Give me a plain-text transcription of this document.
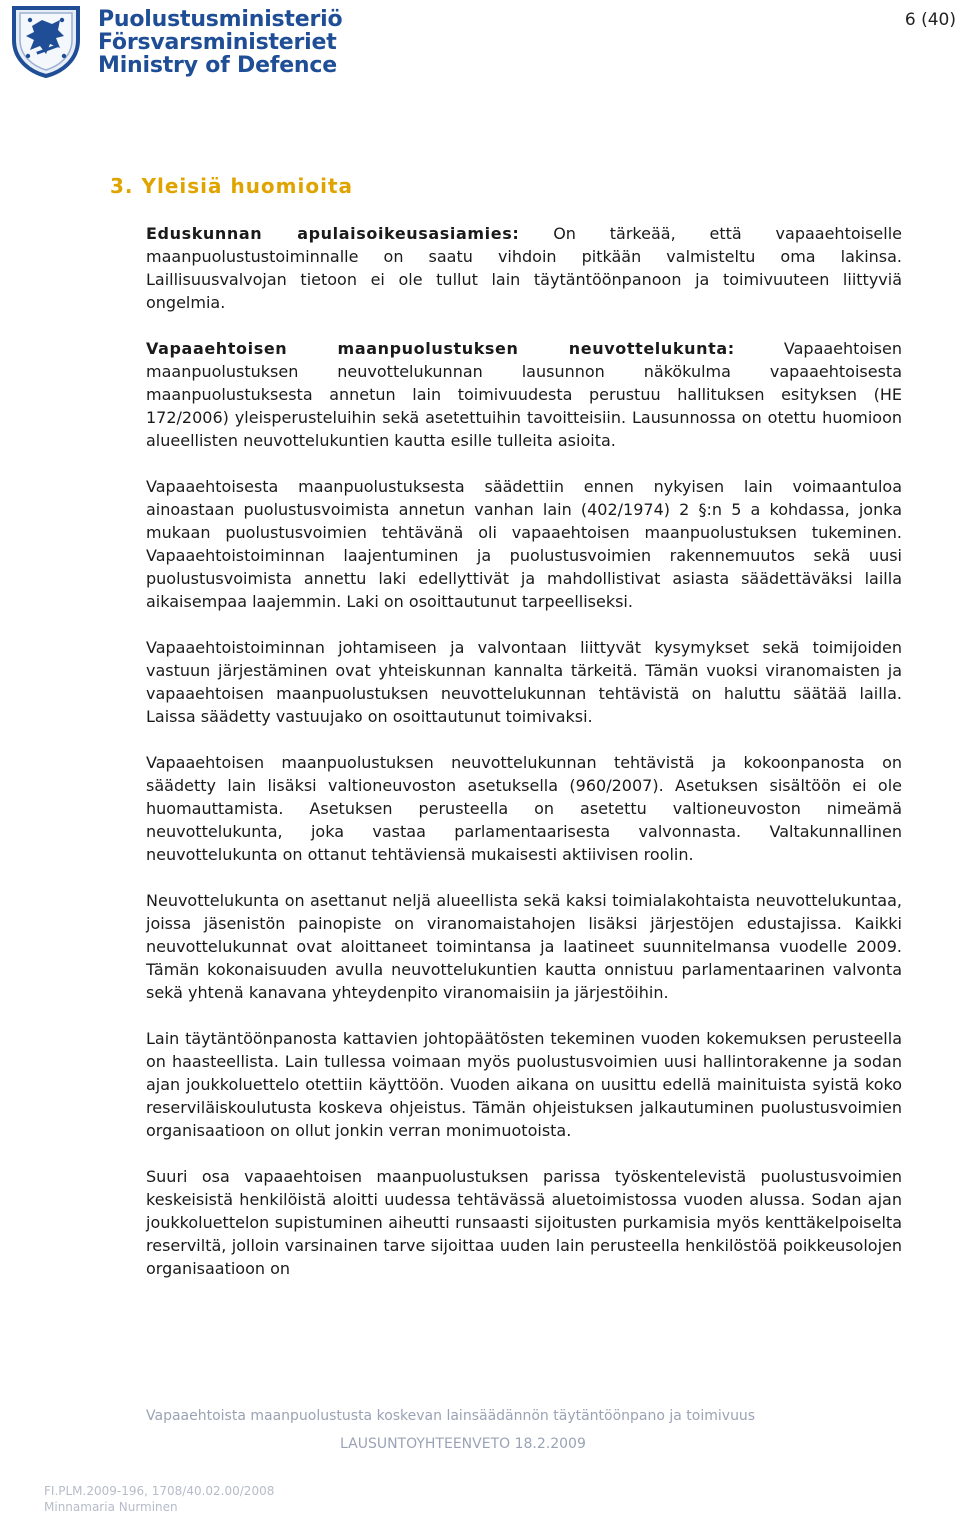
Puolustusministeriö
Försvarsministeriet
Ministry of Defence
6 (40)
3. Yleisiä huomioita

Eduskunnan apulaisoikeusasiamies: On tärkeää, että vapaaehtoiselle maanpuolustustoiminnalle on saatu vihdoin pitkään valmisteltu oma lakinsa. Laillisuusvalvojan tietoon ei ole tullut lain täytäntöönpanoon ja toimivuuteen liittyviä ongelmia.

Vapaaehtoisen maanpuolustuksen neuvottelukunta: Vapaaehtoisen maanpuolustuksen neuvottelukunnan lausunnon näkökulma vapaaehtoisesta maanpuolustuksesta annetun lain toimivuudesta perustuu hallituksen esityksen (HE 172/2006) yleisperusteluihin sekä asetettuihin tavoitteisiin. Lausunnossa on otettu huomioon alueellisten neuvottelukuntien kautta esille tulleita asioita.

Vapaaehtoisesta maanpuolustuksesta säädettiin ennen nykyisen lain voimaantuloa ainoastaan puolustusvoimista annetun vanhan lain (402/1974) 2 §:n 5 a kohdassa, jonka mukaan puolustusvoimien tehtävänä oli vapaaehtoisen maanpuolustuksen tukeminen. Vapaaehtoistoiminnan laajentuminen ja puolustusvoimien rakennemuutos sekä uusi puolustusvoimista annettu laki edellyttivät ja mahdollistivat asiasta säädettäväksi lailla aikaisempaa laajemmin. Laki on osoittautunut tarpeelliseksi.

Vapaaehtoistoiminnan johtamiseen ja valvontaan liittyvät kysymykset sekä toimijoiden vastuun järjestäminen ovat yhteiskunnan kannalta tärkeitä. Tämän vuoksi viranomaisten ja vapaaehtoisen maanpuolustuksen neuvottelukunnan tehtävistä on haluttu säätää lailla. Laissa säädetty vastuujako on osoittautunut toimivaksi.

Vapaaehtoisen maanpuolustuksen neuvottelukunnan tehtävistä ja kokoonpanosta on säädetty lain lisäksi valtioneuvoston asetuksella (960/2007). Asetuksen sisältöön ei ole huomauttamista. Asetuksen perusteella on asetettu valtioneuvoston nimeämä neuvottelukunta, joka vastaa parlamentaarisesta valvonnasta. Valtakunnallinen neuvottelukunta on ottanut tehtäviensä mukaisesti aktiivisen roolin.

Neuvottelukunta on asettanut neljä alueellista sekä kaksi toimialakohtaista neuvottelukuntaa, joissa jäsenistön painopiste on viranomaistahojen lisäksi järjestöjen edustajissa. Kaikki neuvottelukunnat ovat aloittaneet toimintansa ja laatineet suunnitelmansa vuodelle 2009. Tämän kokonaisuuden avulla neuvottelukuntien kautta onnistuu parlamentaarinen valvonta sekä yhtenä kanavana yhteydenpito viranomaisiin ja järjestöihin.

Lain täytäntöönpanosta kattavien johtopäätösten tekeminen vuoden kokemuksen perusteella on haasteellista. Lain tullessa voimaan myös puolustusvoimien uusi hallintorakenne ja sodan ajan joukkoluettelo otettiin käyttöön. Vuoden aikana on uusittu edellä mainituista syistä koko reserviläiskoulutusta koskeva ohjeistus. Tämän ohjeistuksen jalkautuminen puolustusvoimien organisaatioon on ollut jonkin verran monimuotoista.

Suuri osa vapaaehtoisen maanpuolustuksen parissa työskentelevistä puolustusvoimien keskeisistä henkilöistä aloitti uudessa tehtävässä aluetoimistossa vuoden alussa. Sodan ajan joukkoluettelon supistuminen aiheutti runsaasti sijoitusten purkamisia myös kenttäkelpoiselta reserviltä, jolloin varsinainen tarve sijoittaa uuden lain perusteella henkilöstöä poikkeusolojen organisaatioon on

Vapaaehtoista maanpuolustusta koskevan lainsäädännön täytäntöönpano ja toimivuus
LAUSUNTOYHTEENVETO 18.2.2009
FI.PLM.2009-196, 1708/40.02.00/2008
Minnamaria Nurminen
